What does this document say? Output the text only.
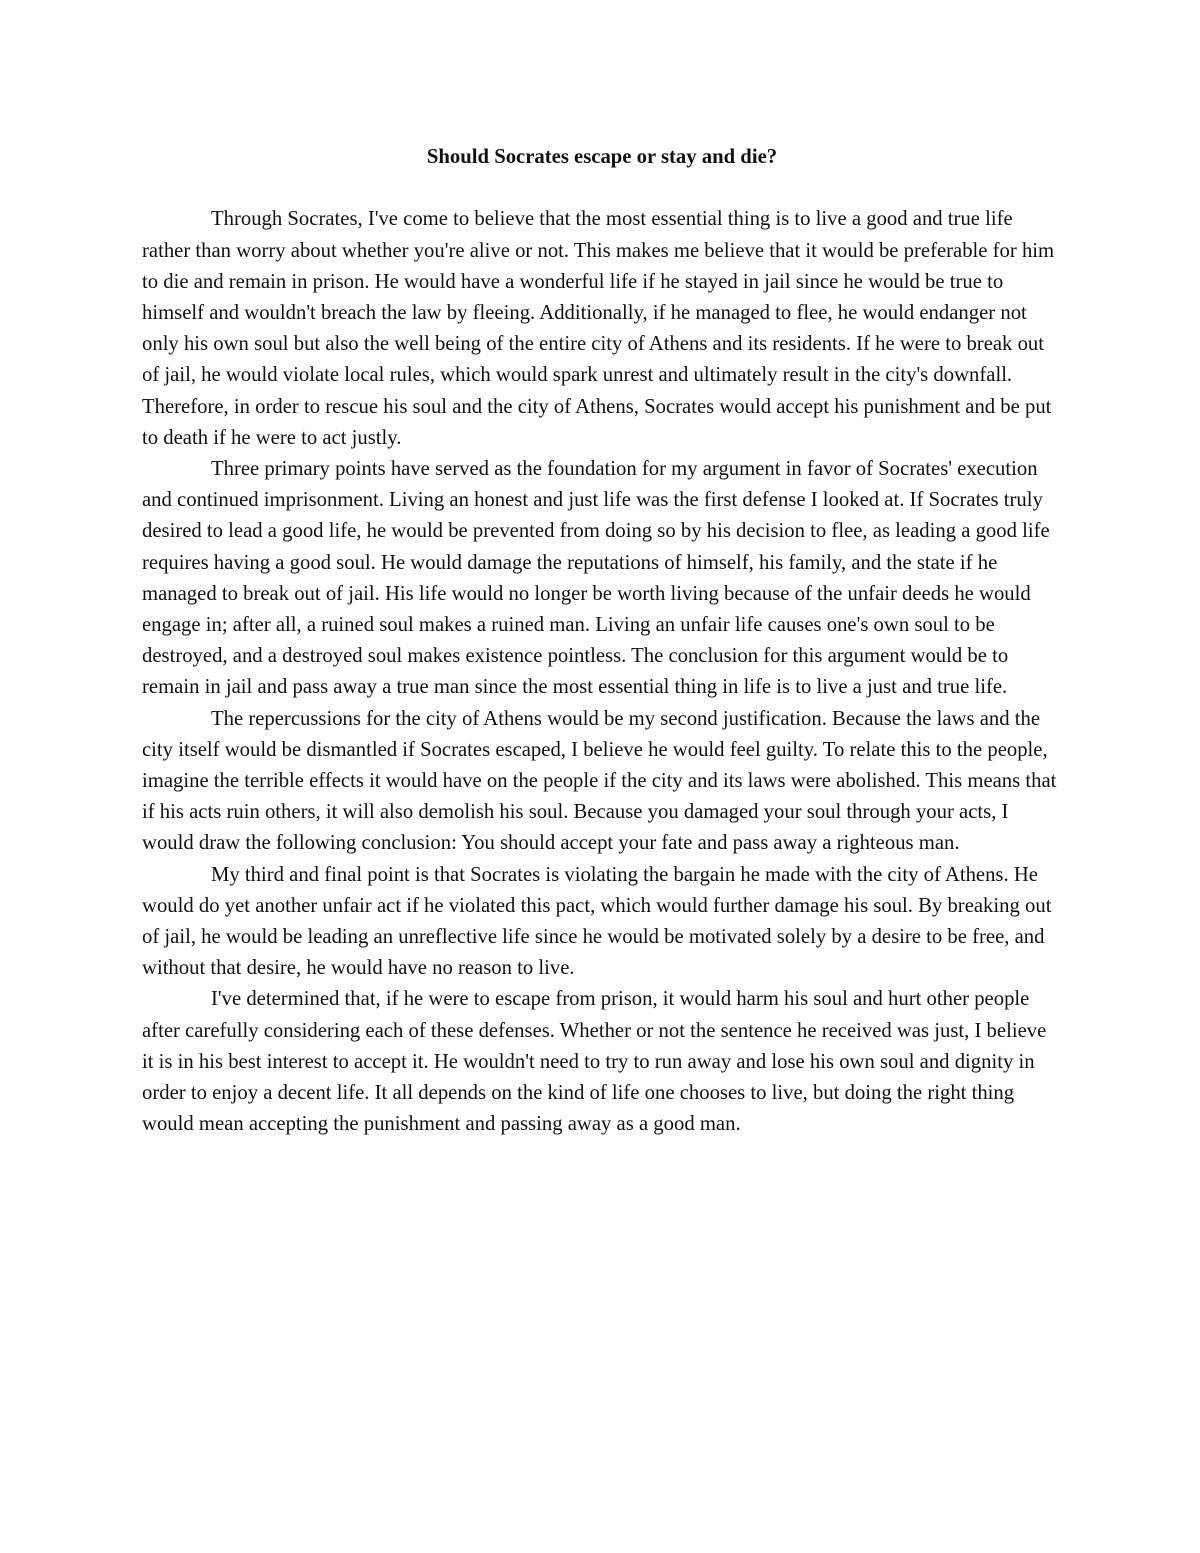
Should Socrates escape or stay and die?

Through Socrates, I've come to believe that the most essential thing is to live a good and true life rather than worry about whether you're alive or not. This makes me believe that it would be preferable for him to die and remain in prison. He would have a wonderful life if he stayed in jail since he would be true to himself and wouldn't breach the law by fleeing. Additionally, if he managed to flee, he would endanger not only his own soul but also the well being of the entire city of Athens and its residents. If he were to break out of jail, he would violate local rules, which would spark unrest and ultimately result in the city's downfall. Therefore, in order to rescue his soul and the city of Athens, Socrates would accept his punishment and be put to death if he were to act justly.

Three primary points have served as the foundation for my argument in favor of Socrates' execution and continued imprisonment. Living an honest and just life was the first defense I looked at. If Socrates truly desired to lead a good life, he would be prevented from doing so by his decision to flee, as leading a good life requires having a good soul. He would damage the reputations of himself, his family, and the state if he managed to break out of jail. His life would no longer be worth living because of the unfair deeds he would engage in; after all, a ruined soul makes a ruined man. Living an unfair life causes one's own soul to be destroyed, and a destroyed soul makes existence pointless. The conclusion for this argument would be to remain in jail and pass away a true man since the most essential thing in life is to live a just and true life.

The repercussions for the city of Athens would be my second justification. Because the laws and the city itself would be dismantled if Socrates escaped, I believe he would feel guilty. To relate this to the people, imagine the terrible effects it would have on the people if the city and its laws were abolished. This means that if his acts ruin others, it will also demolish his soul. Because you damaged your soul through your acts, I would draw the following conclusion: You should accept your fate and pass away a righteous man.

My third and final point is that Socrates is violating the bargain he made with the city of Athens. He would do yet another unfair act if he violated this pact, which would further damage his soul. By breaking out of jail, he would be leading an unreflective life since he would be motivated solely by a desire to be free, and without that desire, he would have no reason to live.

I've determined that, if he were to escape from prison, it would harm his soul and hurt other people after carefully considering each of these defenses. Whether or not the sentence he received was just, I believe it is in his best interest to accept it. He wouldn't need to try to run away and lose his own soul and dignity in order to enjoy a decent life. It all depends on the kind of life one chooses to live, but doing the right thing would mean accepting the punishment and passing away as a good man.
